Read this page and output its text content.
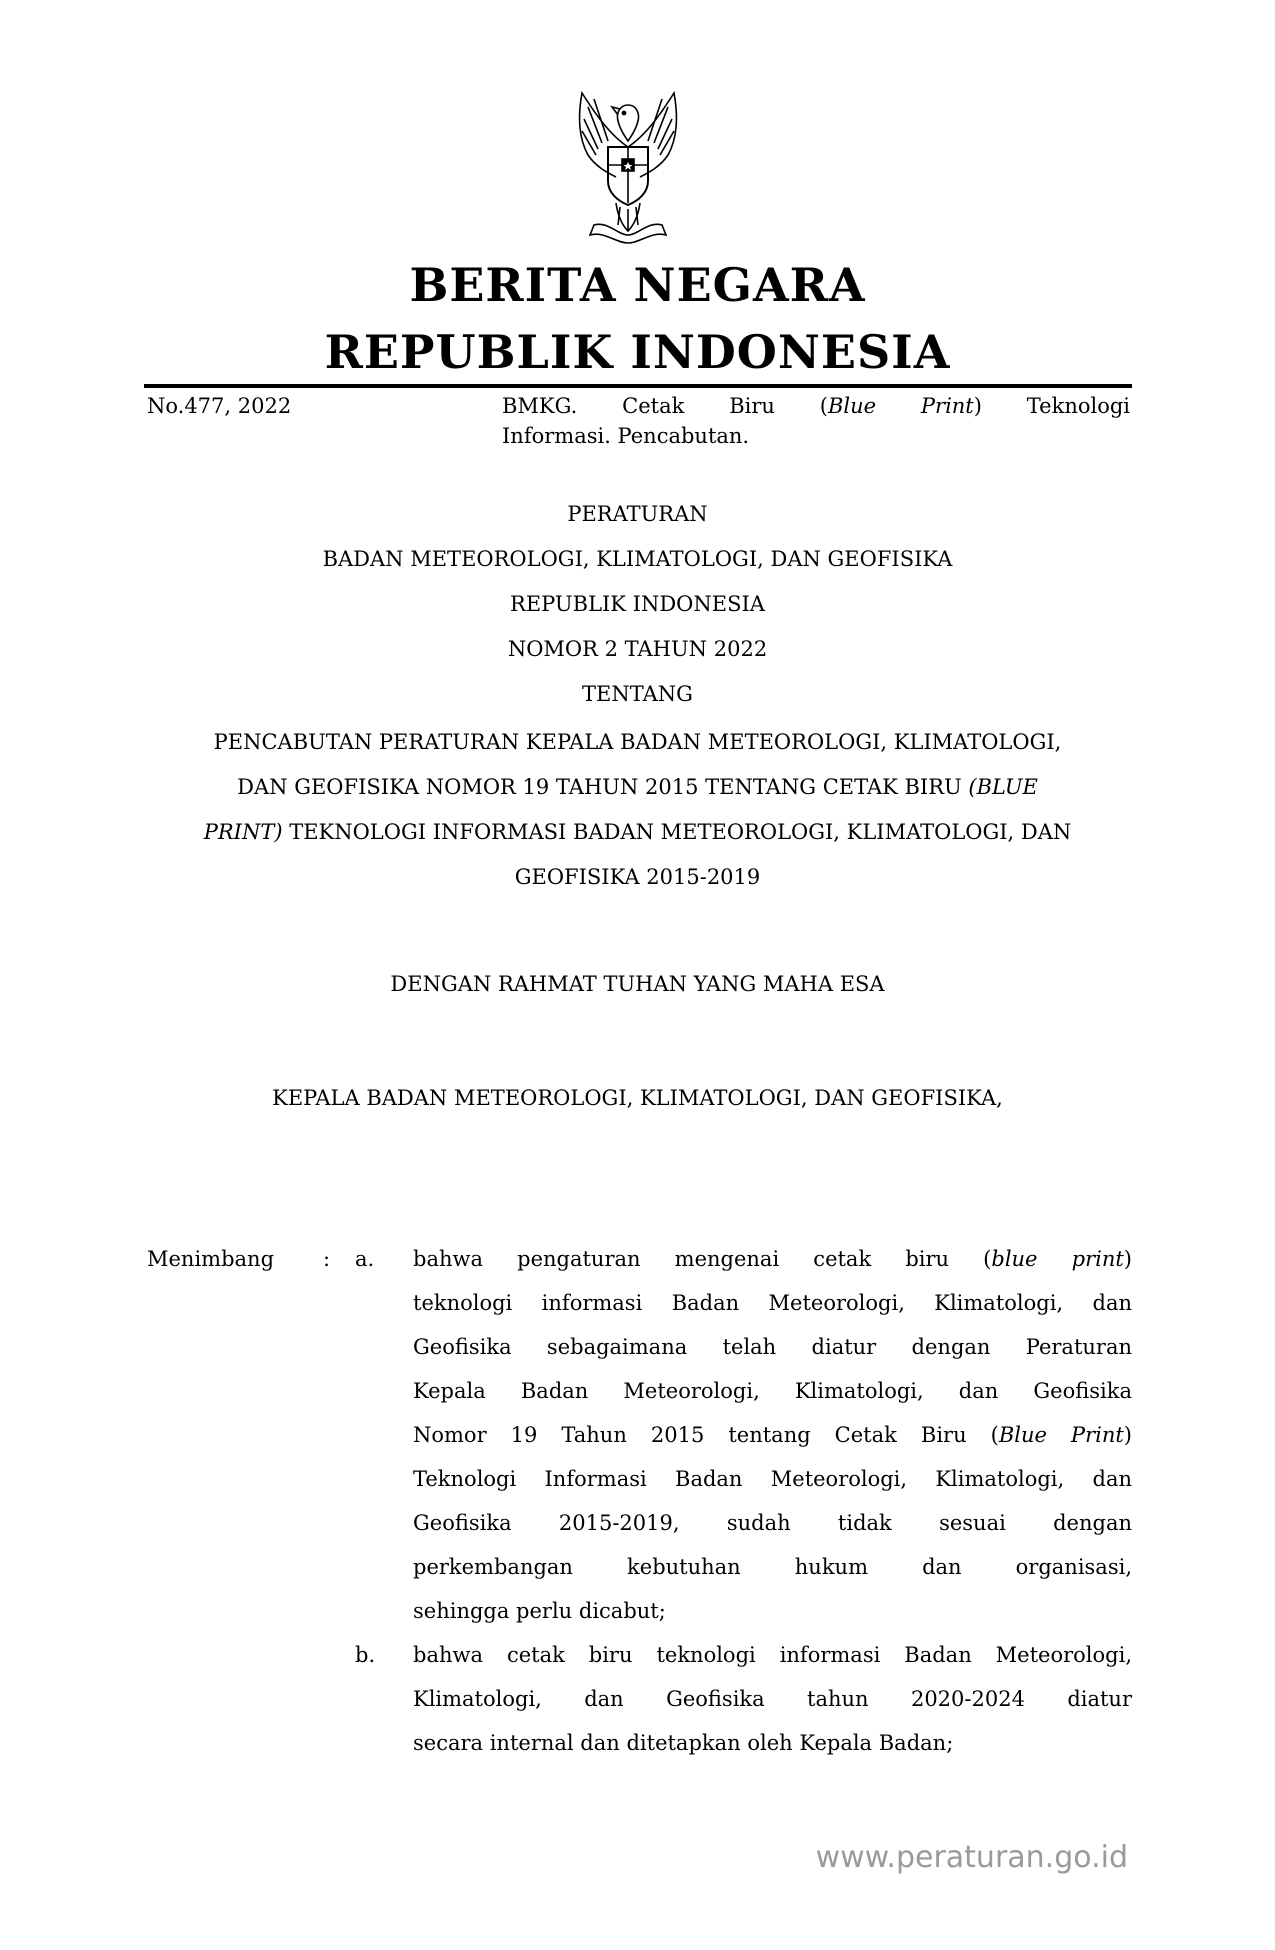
BERITA NEGARA
REPUBLIK INDONESIA
No.477, 2022	BMKG. Cetak Biru (Blue Print) Teknologi
Informasi. Pencabutan.
PERATURAN
BADAN METEOROLOGI, KLIMATOLOGI, DAN GEOFISIKA
REPUBLIK INDONESIA
NOMOR 2 TAHUN 2022
TENTANG
PENCABUTAN PERATURAN KEPALA BADAN METEOROLOGI, KLIMATOLOGI,
DAN GEOFISIKA NOMOR 19 TAHUN 2015 TENTANG CETAK BIRU (BLUE
PRINT) TEKNOLOGI INFORMASI BADAN METEOROLOGI, KLIMATOLOGI, DAN
GEOFISIKA 2015-2019
DENGAN RAHMAT TUHAN YANG MAHA ESA
KEPALA BADAN METEOROLOGI, KLIMATOLOGI, DAN GEOFISIKA,
Menimbang : a. bahwa pengaturan mengenai cetak biru (blue print)
teknologi informasi Badan Meteorologi, Klimatologi, dan
Geofisika sebagaimana telah diatur dengan Peraturan
Kepala Badan Meteorologi, Klimatologi, dan Geofisika
Nomor 19 Tahun 2015 tentang Cetak Biru (Blue Print)
Teknologi Informasi Badan Meteorologi, Klimatologi, dan
Geofisika 2015-2019, sudah tidak sesuai dengan
perkembangan kebutuhan hukum dan organisasi,
sehingga perlu dicabut;
b. bahwa cetak biru teknologi informasi Badan Meteorologi,
Klimatologi, dan Geofisika tahun 2020-2024 diatur
secara internal dan ditetapkan oleh Kepala Badan;
www.peraturan.go.id
